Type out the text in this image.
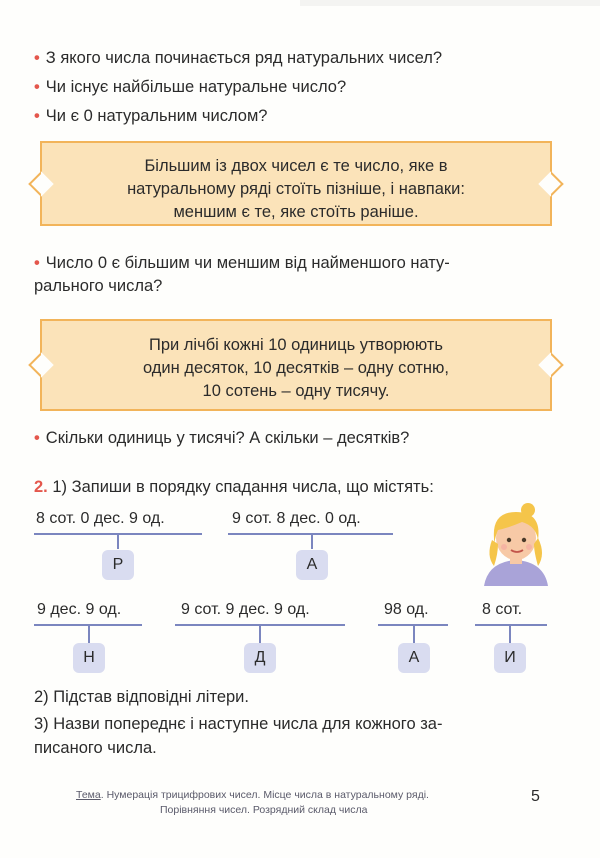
• З якого числа починається ряд натуральних чисел?
• Чи існує найбільше натуральне число?
• Чи є 0 натуральним числом?
Більшим із двох чисел є те число, яке в
натуральному ряді стоїть пізніше, і навпаки:
меншим є те, яке стоїть раніше.
• Число 0 є більшим чи меншим від найменшого нату-
рального числа?
При лічбі кожні 10 одиниць утворюють
один десяток, 10 десятків – одну сотню,
10 сотень – одну тисячу.
• Скільки одиниць у тисячі? А скільки – десятків?
2. 1) Запиши в порядку спадання числа, що містять:
8 сот. 0 дес. 9 од.
Р
9 сот. 8 дес. 0 од.
А
9 дес. 9 од.
Н
9 сот. 9 дес. 9 од.
Д
98 од.
А
8 сот.
И
2) Підстав відповідні літери.
3) Назви попереднє і наступне числа для кожного за-
писаного числа.
Тема. Нумерація трицифрових чисел. Місце числа в натуральному ряді.
Порівняння чисел. Розрядний склад числа
5
